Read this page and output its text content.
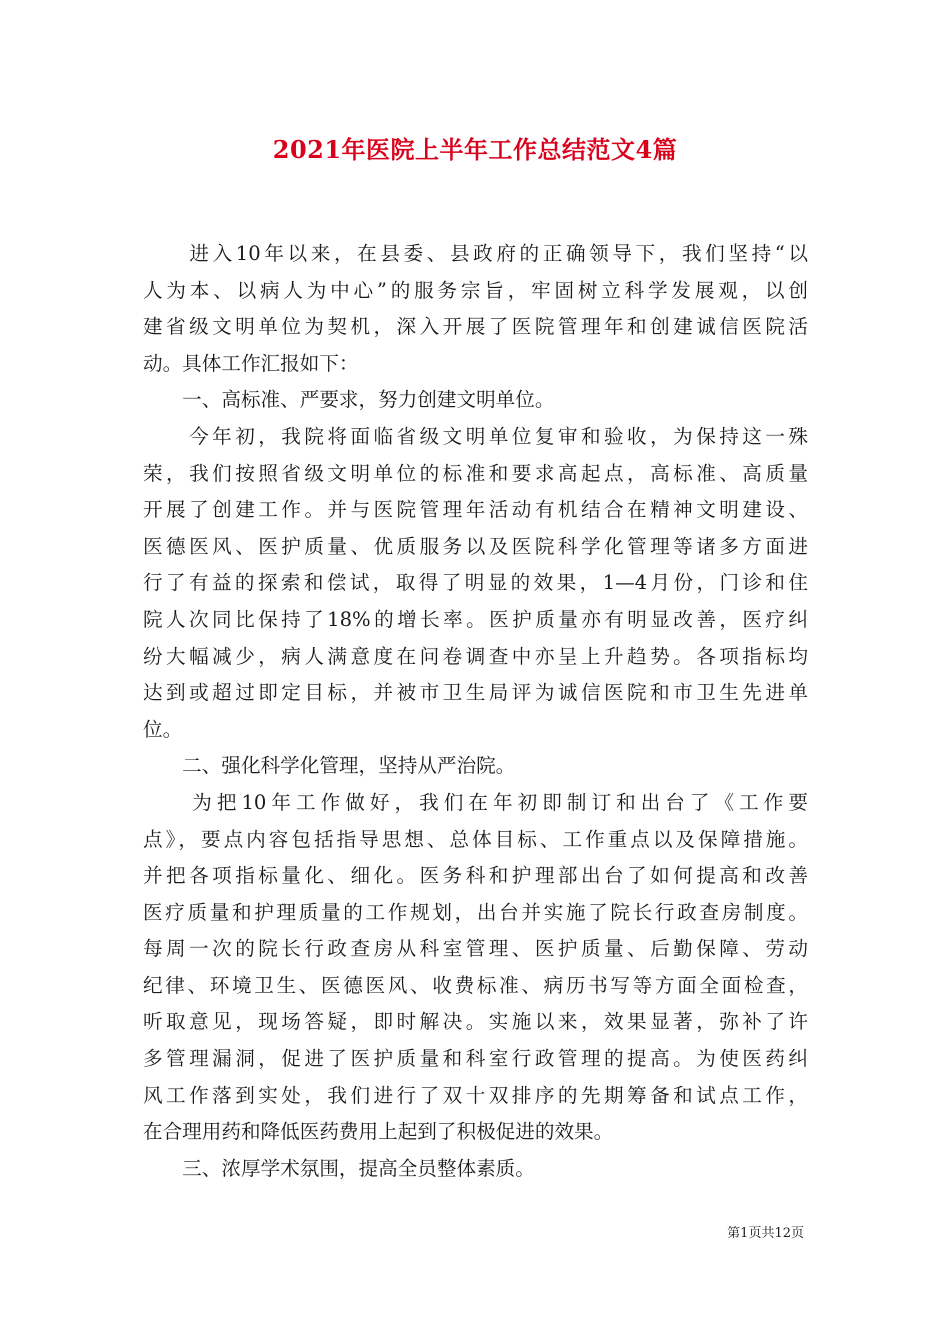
2021年医院上半年工作总结范文4篇
　　进入10年以来，在县委、县政府的正确领导下，我们坚持“以
人为本、以病人为中心”的服务宗旨，牢固树立科学发展观，以创
建省级文明单位为契机，深入开展了医院管理年和创建诚信医院活
动。具体工作汇报如下：
　　一、高标准、严要求，努力创建文明单位。
　　今年初，我院将面临省级文明单位复审和验收，为保持这一殊
荣，我们按照省级文明单位的标准和要求高起点，高标准、高质量
开展了创建工作。并与医院管理年活动有机结合在精神文明建设、
医德医风、医护质量、优质服务以及医院科学化管理等诸多方面进
行了有益的探索和偿试，取得了明显的效果，1—4月份，门诊和住
院人次同比保持了18%的增长率。医护质量亦有明显改善，医疗纠
纷大幅减少，病人满意度在问卷调查中亦呈上升趋势。各项指标均
达到或超过即定目标，并被市卫生局评为诚信医院和市卫生先进单
位。
　　二、强化科学化管理，坚持从严治院。
　　为把10年工作做好，我们在年初即制订和出台了《工作要
点》，要点内容包括指导思想、总体目标、工作重点以及保障措施。
并把各项指标量化、细化。医务科和护理部出台了如何提高和改善
医疗质量和护理质量的工作规划，出台并实施了院长行政查房制度。
每周一次的院长行政查房从科室管理、医护质量、后勤保障、劳动
纪律、环境卫生、医德医风、收费标准、病历书写等方面全面检查，
听取意见，现场答疑，即时解决。实施以来，效果显著，弥补了许
多管理漏洞，促进了医护质量和科室行政管理的提高。为使医药纠
风工作落到实处，我们进行了双十双排序的先期筹备和试点工作，
在合理用药和降低医药费用上起到了积极促进的效果。
　　三、浓厚学术氛围，提高全员整体素质。
第1页共12页
